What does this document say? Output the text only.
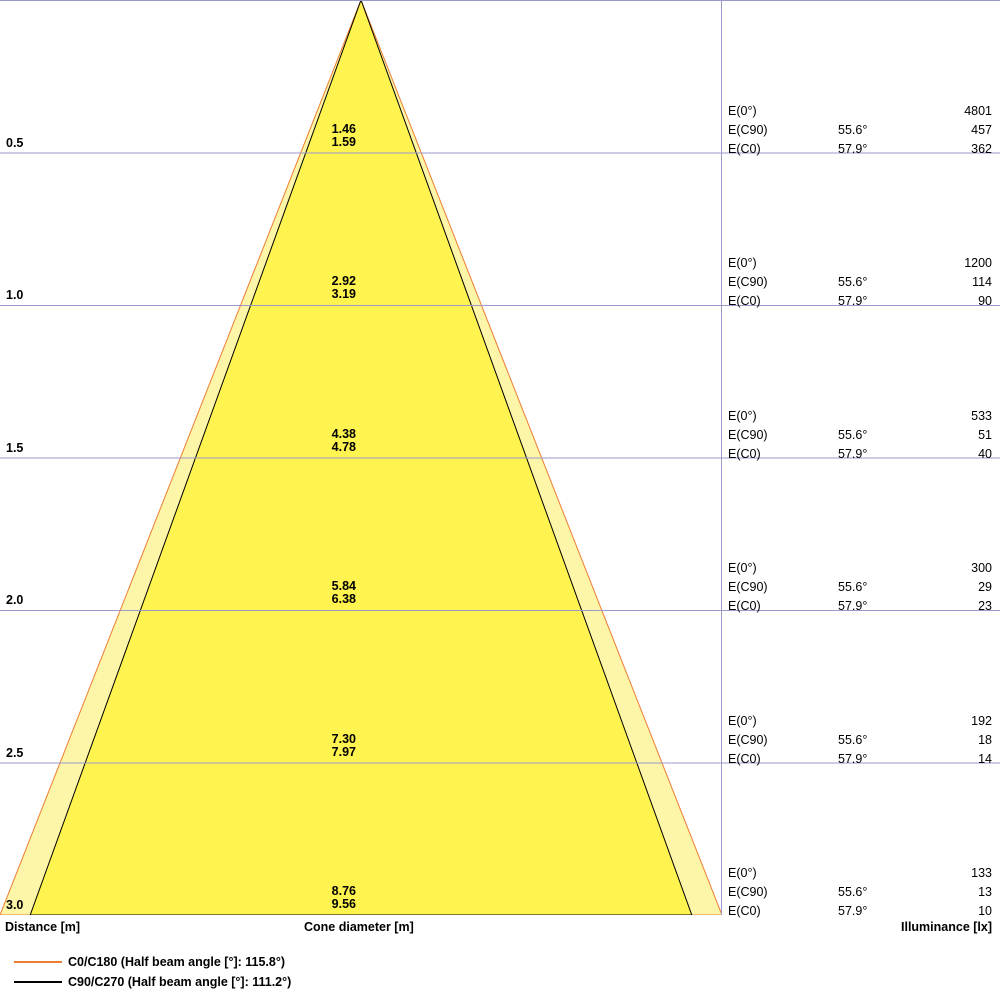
0.5
1.46
1.59
E(0°)	4801
E(C90)	55.6°	457
E(C0)	57.9°	362
1.0
2.92
3.19
E(0°)	1200
E(C90)	55.6°	114
E(C0)	57.9°	90
1.5
4.38
4.78
E(0°)	533
E(C90)	55.6°	51
E(C0)	57.9°	40
2.0
5.84
6.38
E(0°)	300
E(C90)	55.6°	29
E(C0)	57.9°	23
2.5
7.30
7.97
E(0°)	192
E(C90)	55.6°	18
E(C0)	57.9°	14
3.0
8.76
9.56
E(0°)	133
E(C90)	55.6°	13
E(C0)	57.9°	10
Distance [m]	Cone diameter [m]	Illuminance [lx]
C0/C180 (Half beam angle [°]: 115.8°)
C90/C270 (Half beam angle [°]: 111.2°)
